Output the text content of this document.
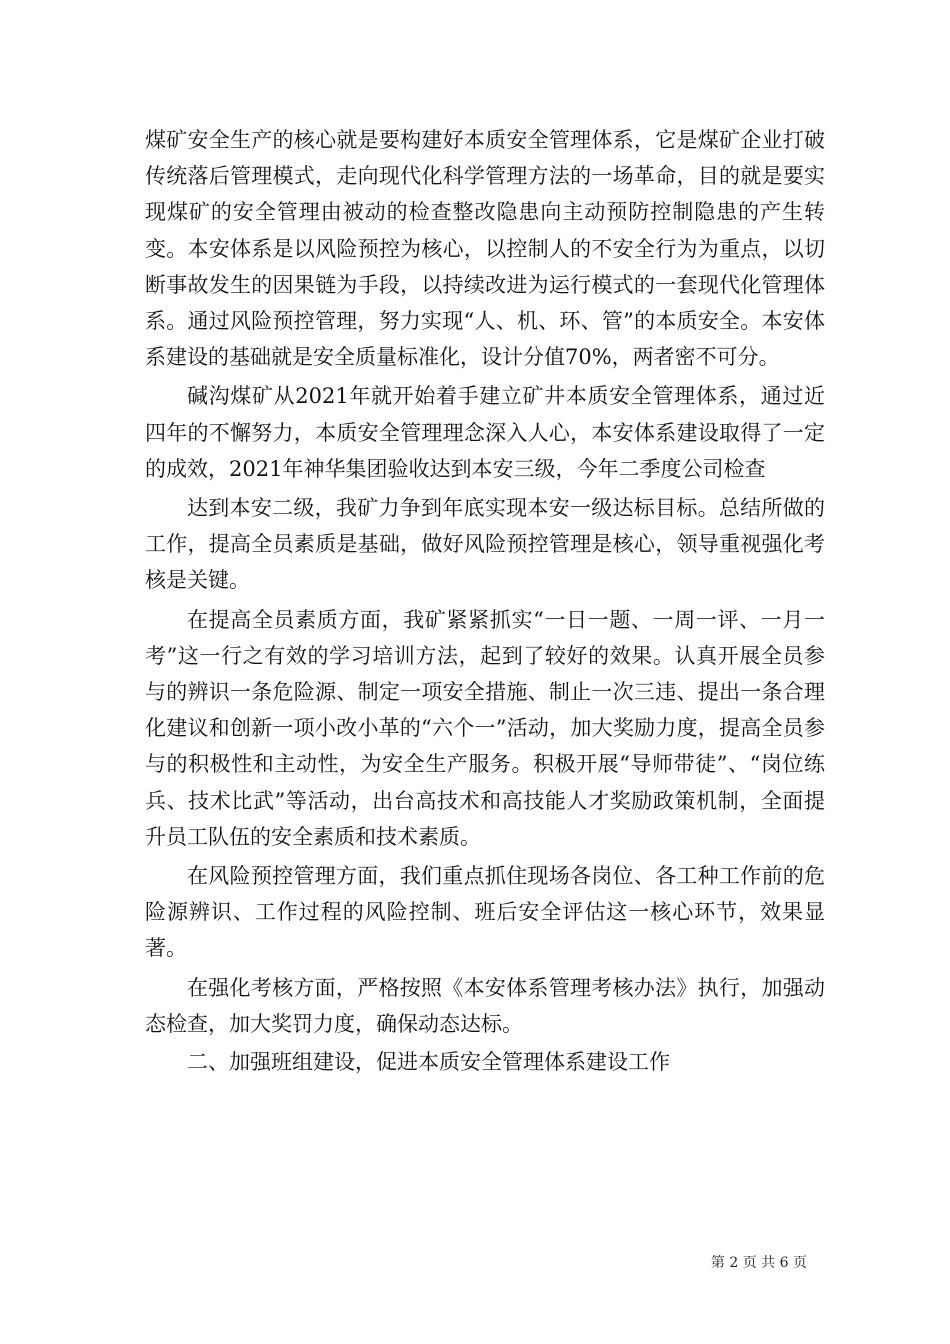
煤矿安全生产的核心就是要构建好本质安全管理体系，它是煤矿企业打破传统落后管理模式，走向现代化科学管理方法的一场革命，目的就是要实现煤矿的安全管理由被动的检查整改隐患向主动预防控制隐患的产生转变。本安体系是以风险预控为核心，以控制人的不安全行为为重点，以切断事故发生的因果链为手段，以持续改进为运行模式的一套现代化管理体系。通过风险预控管理，努力实现“人、机、环、管”的本质安全。本安体系建设的基础就是安全质量标准化，设计分值70%，两者密不可分。

碱沟煤矿从2021年就开始着手建立矿井本质安全管理体系，通过近四年的不懈努力，本质安全管理理念深入人心，本安体系建设取得了一定的成效，2021年神华集团验收达到本安三级，今年二季度公司检查

达到本安二级，我矿力争到年底实现本安一级达标目标。总结所做的工作，提高全员素质是基础，做好风险预控管理是核心，领导重视强化考核是关键。

在提高全员素质方面，我矿紧紧抓实“一日一题、一周一评、一月一考”这一行之有效的学习培训方法，起到了较好的效果。认真开展全员参与的辨识一条危险源、制定一项安全措施、制止一次三违、提出一条合理化建议和创新一项小改小革的“六个一”活动，加大奖励力度，提高全员参与的积极性和主动性，为安全生产服务。积极开展“导师带徒”、“岗位练兵、技术比武”等活动，出台高技术和高技能人才奖励政策机制，全面提升员工队伍的安全素质和技术素质。

在风险预控管理方面，我们重点抓住现场各岗位、各工种工作前的危险源辨识、工作过程的风险控制、班后安全评估这一核心环节，效果显著。

在强化考核方面，严格按照《本安体系管理考核办法》执行，加强动态检查，加大奖罚力度，确保动态达标。

二、加强班组建设，促进本质安全管理体系建设工作

第 2 页 共 6 页
